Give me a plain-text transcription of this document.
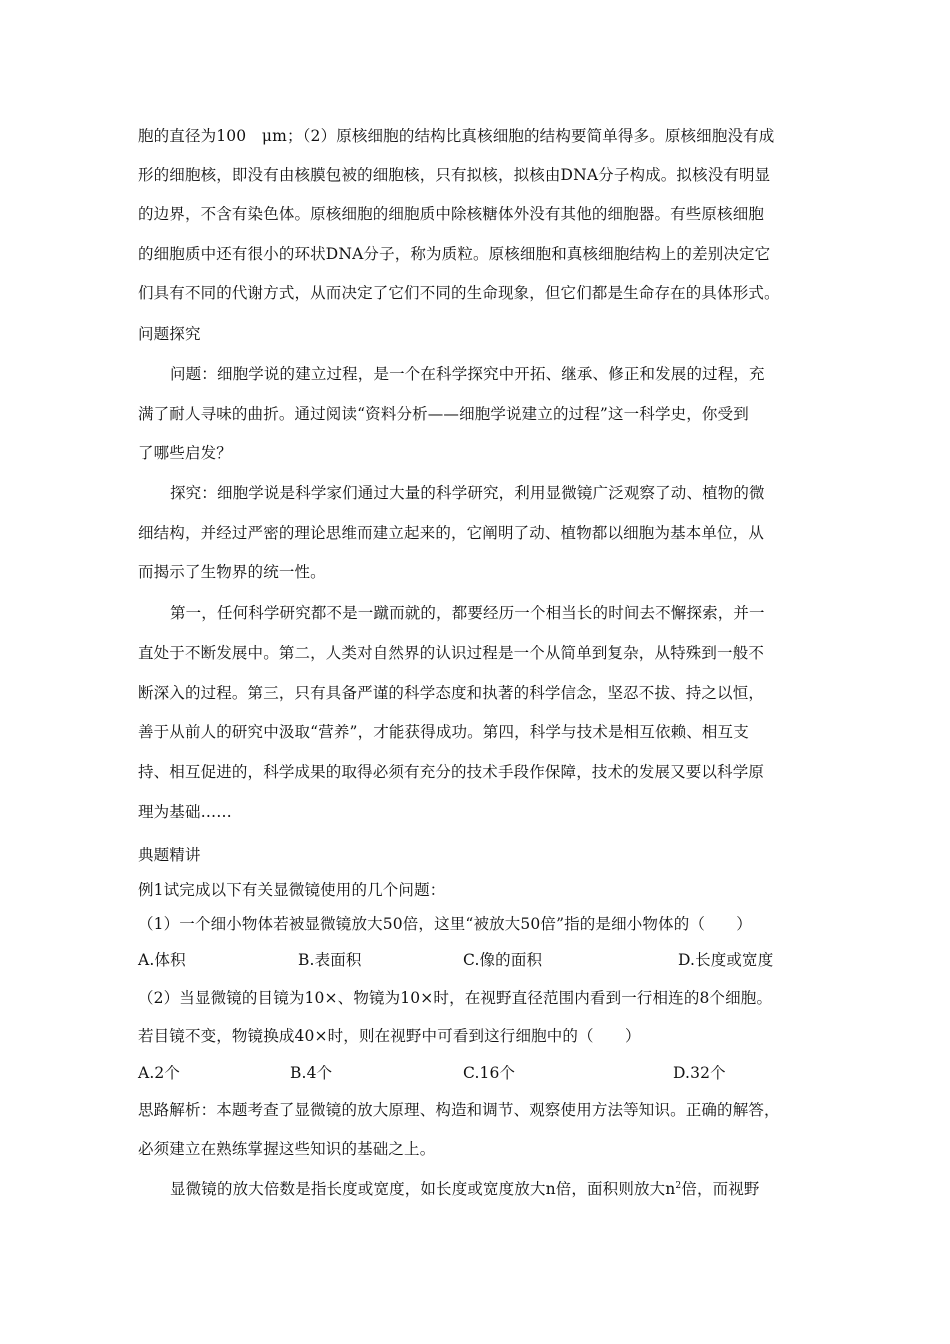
胞的直径为100　μm；（2）原核细胞的结构比真核细胞的结构要简单得多。原核细胞没有成
形的细胞核，即没有由核膜包被的细胞核，只有拟核，拟核由DNA分子构成。拟核没有明显
的边界，不含有染色体。原核细胞的细胞质中除核糖体外没有其他的细胞器。有些原核细胞
的细胞质中还有很小的环状DNA分子，称为质粒。原核细胞和真核细胞结构上的差别决定它
们具有不同的代谢方式，从而决定了它们不同的生命现象，但它们都是生命存在的具体形式。
问题探究
问题：细胞学说的建立过程，是一个在科学探究中开拓、继承、修正和发展的过程，充
满了耐人寻味的曲折。通过阅读“资料分析——细胞学说建立的过程”这一科学史，你受到
了哪些启发？
探究：细胞学说是科学家们通过大量的科学研究，利用显微镜广泛观察了动、植物的微
细结构，并经过严密的理论思维而建立起来的，它阐明了动、植物都以细胞为基本单位，从
而揭示了生物界的统一性。
第一，任何科学研究都不是一蹴而就的，都要经历一个相当长的时间去不懈探索，并一
直处于不断发展中。第二，人类对自然界的认识过程是一个从简单到复杂，从特殊到一般不
断深入的过程。第三，只有具备严谨的科学态度和执著的科学信念，坚忍不拔、持之以恒，
善于从前人的研究中汲取“营养”，才能获得成功。第四，科学与技术是相互依赖、相互支
持、相互促进的，科学成果的取得必须有充分的技术手段作保障，技术的发展又要以科学原
理为基础……
典题精讲
例1试完成以下有关显微镜使用的几个问题：
（1）一个细小物体若被显微镜放大50倍，这里“被放大50倍”指的是细小物体的（　　）
A.体积	B.表面积	C.像的面积	D.长度或宽度
（2）当显微镜的目镜为10×、物镜为10×时，在视野直径范围内看到一行相连的8个细胞。
若目镜不变，物镜换成40×时，则在视野中可看到这行细胞中的（　　）
A.2个	B.4个	C.16个	D.32个
思路解析：本题考查了显微镜的放大原理、构造和调节、观察使用方法等知识。正确的解答，
必须建立在熟练掌握这些知识的基础之上。
显微镜的放大倍数是指长度或宽度，如长度或宽度放大n倍，面积则放大$n^2$倍，而视野
